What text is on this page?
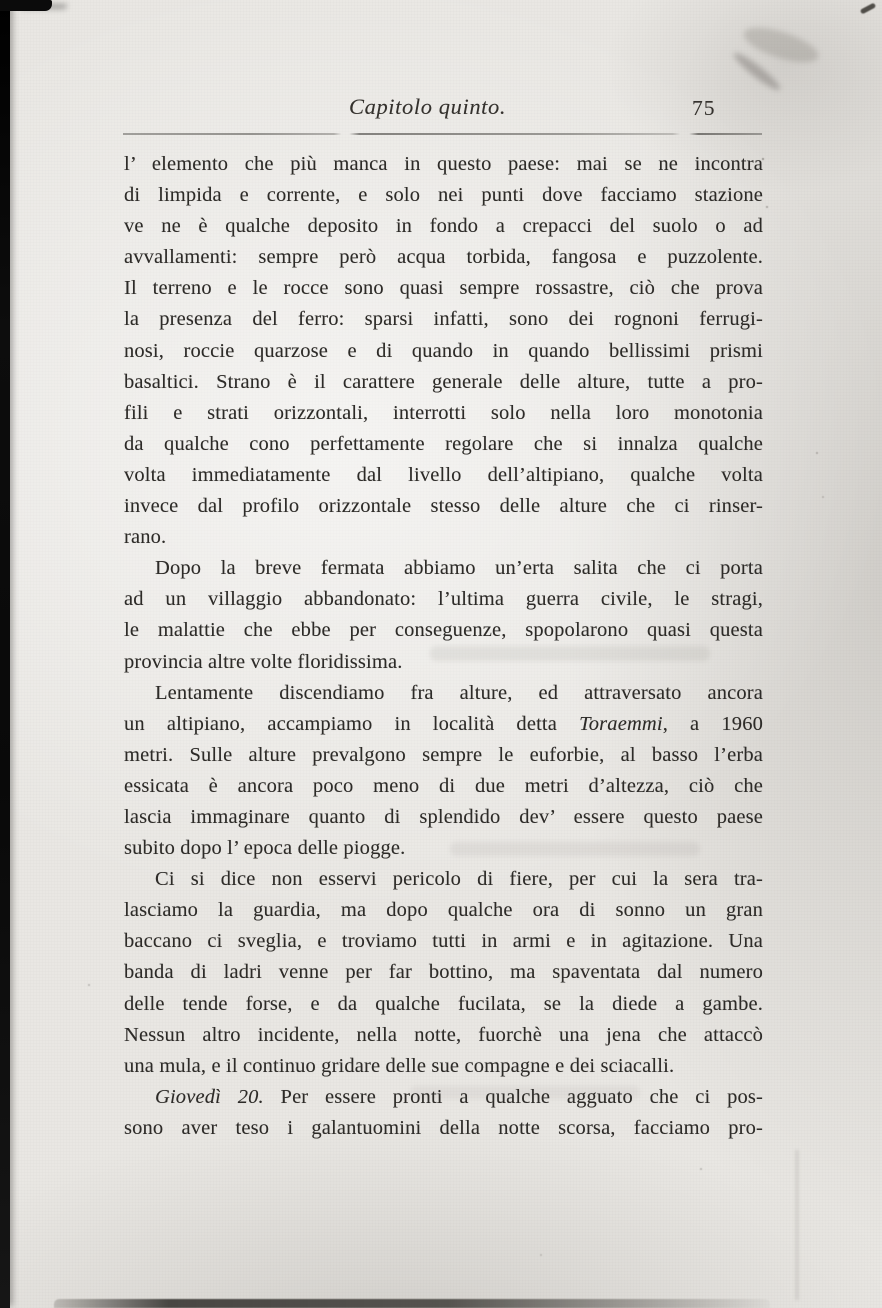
Capitolo quinto.	75
l’ elemento che più manca in questo paese: mai se ne incontra
di limpida e corrente, e solo nei punti dove facciamo stazione
ve ne è qualche deposito in fondo a crepacci del suolo o ad
avvallamenti: sempre però acqua torbida, fangosa e puzzolente.
Il terreno e le rocce sono quasi sempre rossastre, ciò che prova
la presenza del ferro: sparsi infatti, sono dei rognoni ferrugi-
nosi, roccie quarzose e di quando in quando bellissimi prismi
basaltici. Strano è il carattere generale delle alture, tutte a pro-
fili e strati orizzontali, interrotti solo nella loro monotonia
da qualche cono perfettamente regolare che si innalza qualche
volta immediatamente dal livello dell’altipiano, qualche volta
invece dal profilo orizzontale stesso delle alture che ci rinser-
rano.
Dopo la breve fermata abbiamo un’erta salita che ci porta
ad un villaggio abbandonato: l’ultima guerra civile, le stragi,
le malattie che ebbe per conseguenze, spopolarono quasi questa
provincia altre volte floridissima.
Lentamente discendiamo fra alture, ed attraversato ancora
un altipiano, accampiamo in località detta Toraemmi, a 1960
metri. Sulle alture prevalgono sempre le euforbie, al basso l’erba
essicata è ancora poco meno di due metri d’altezza, ciò che
lascia immaginare quanto di splendido dev’ essere questo paese
subito dopo l’ epoca delle piogge.
Ci si dice non esservi pericolo di fiere, per cui la sera tra-
lasciamo la guardia, ma dopo qualche ora di sonno un gran
baccano ci sveglia, e troviamo tutti in armi e in agitazione. Una
banda di ladri venne per far bottino, ma spaventata dal numero
delle tende forse, e da qualche fucilata, se la diede a gambe.
Nessun altro incidente, nella notte, fuorchè una jena che attaccò
una mula, e il continuo gridare delle sue compagne e dei sciacalli.
Giovedì 20. Per essere pronti a qualche agguato che ci pos-
sono aver teso i galantuomini della notte scorsa, facciamo pro-
